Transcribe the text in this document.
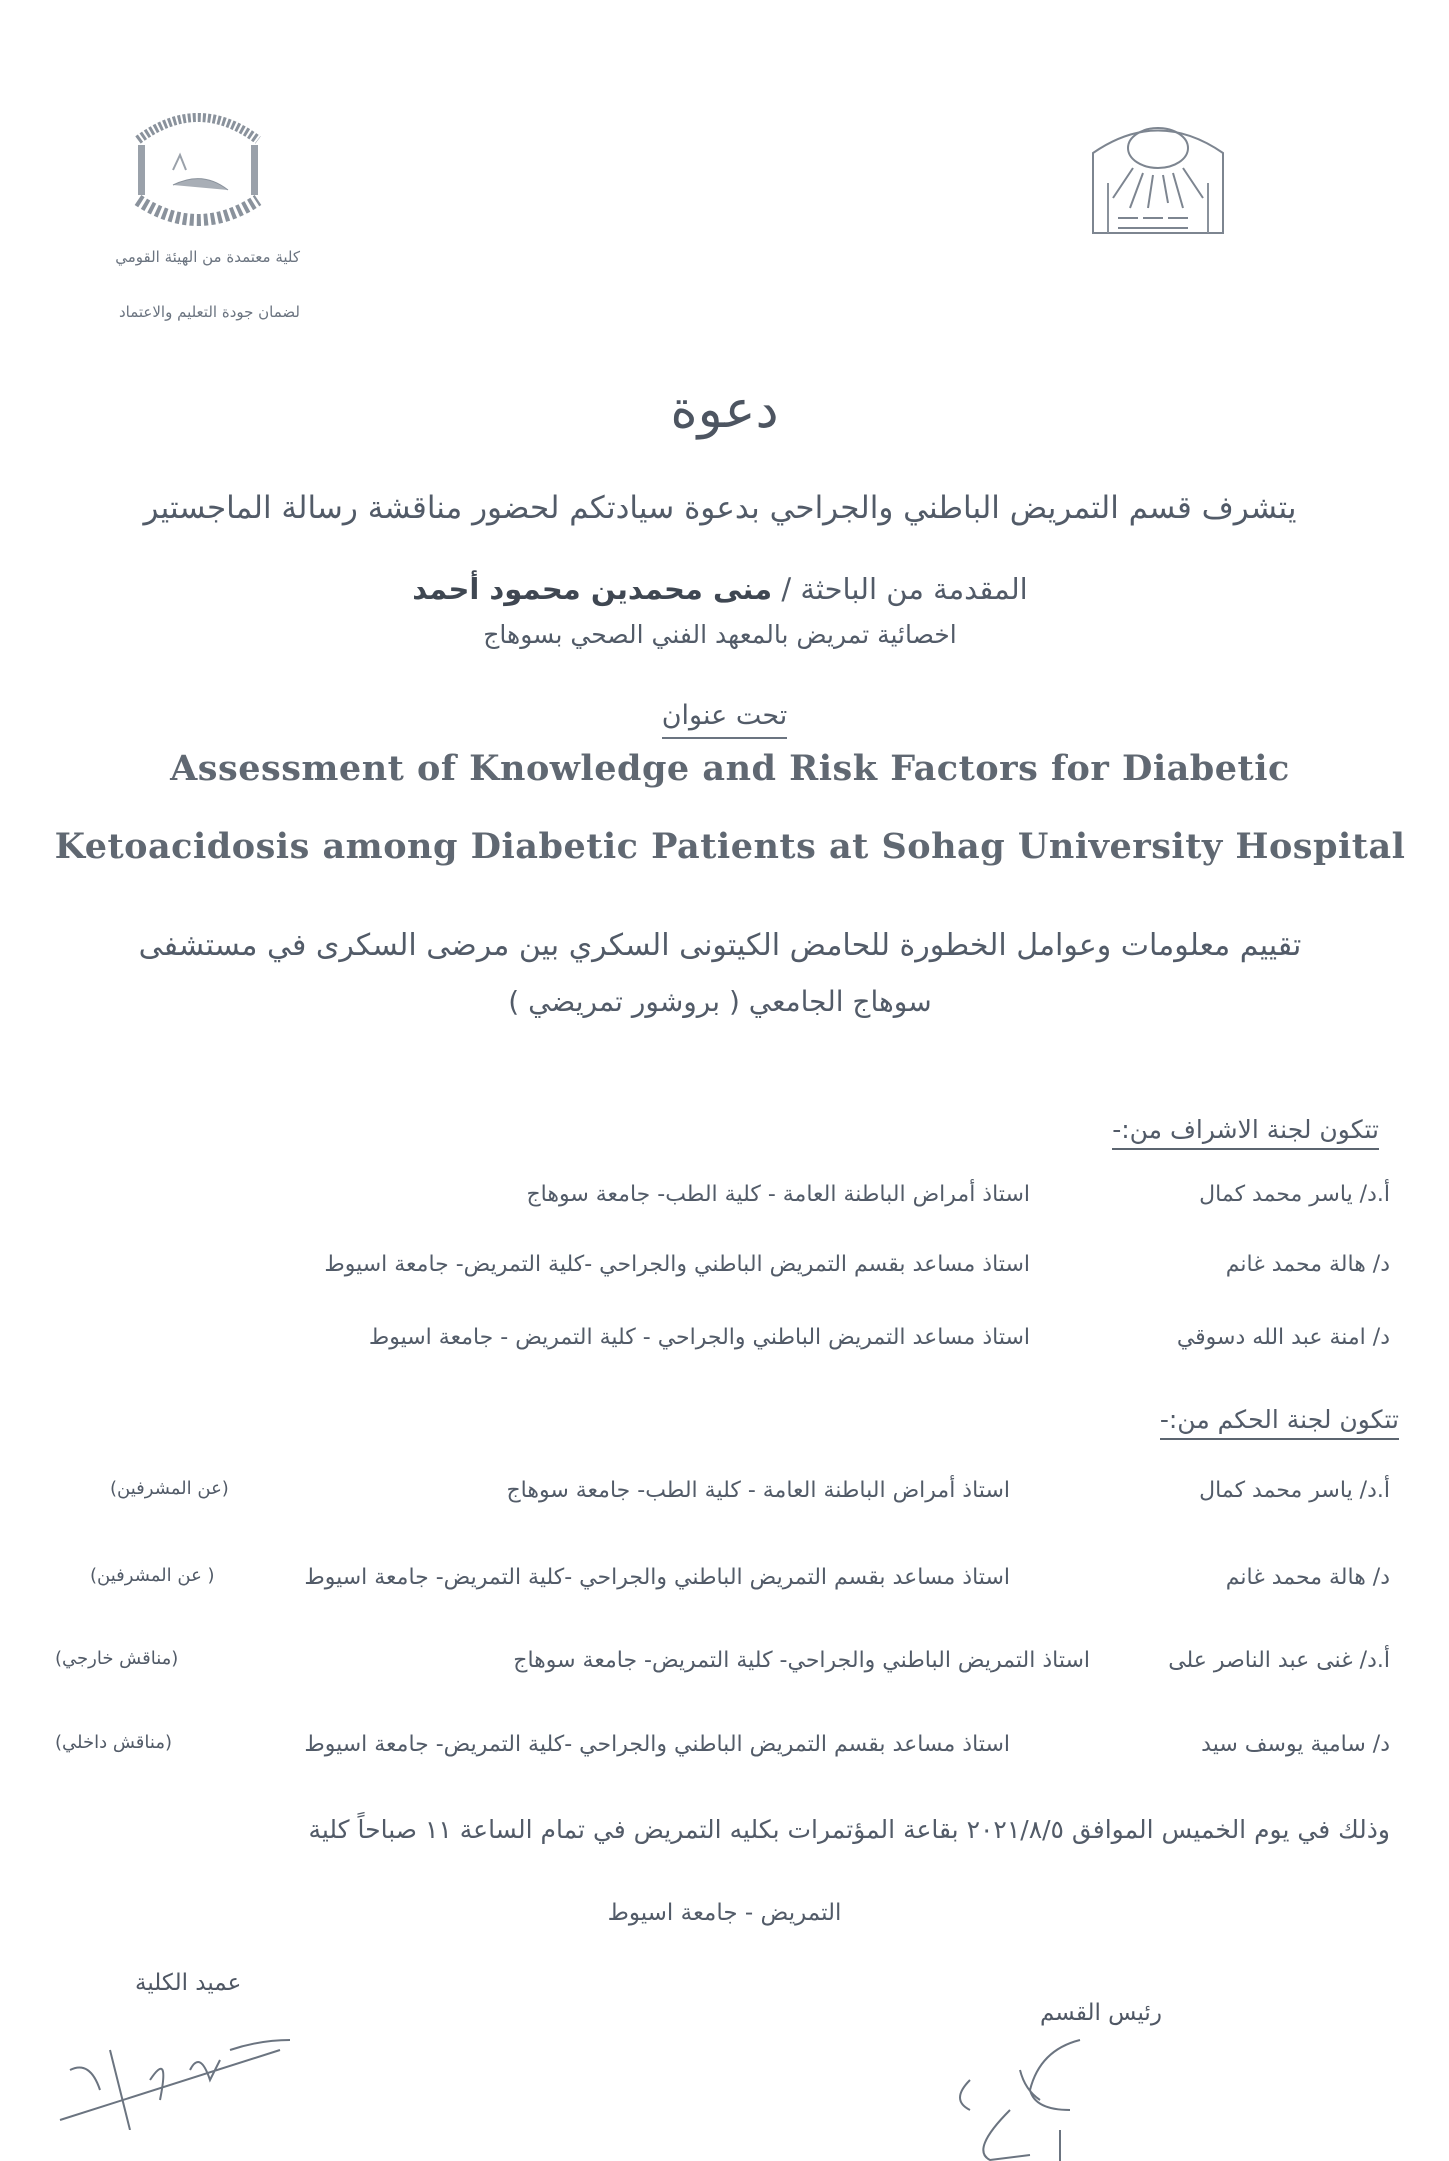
كلية معتمدة من الهيئة القومي
لضمان جودة التعليم والاعتماد
دعوة
يتشرف قسم التمريض الباطني والجراحي بدعوة سيادتكم لحضور مناقشة رسالة الماجستير
المقدمة من الباحثة / منى محمدين محمود أحمد
اخصائية تمريض بالمعهد الفني الصحي بسوهاج
تحت عنوان
Assessment of Knowledge and Risk Factors for Diabetic
Ketoacidosis among Diabetic Patients at Sohag University Hospital
تقييم معلومات وعوامل الخطورة للحامض الكيتونى السكري بين مرضى السكرى في مستشفى
سوهاج الجامعي ( بروشور تمريضي )
تتكون لجنة الاشراف من:-
أ.د/ ياسر محمد كمال
استاذ أمراض الباطنة العامة - كلية الطب- جامعة سوهاج
د/ هالة محمد غانم
استاذ مساعد بقسم التمريض الباطني والجراحي -كلية التمريض- جامعة اسيوط
د/ امنة عبد الله دسوقي
استاذ مساعد التمريض الباطني والجراحي - كلية التمريض - جامعة اسيوط
تتكون لجنة الحكم من:-
أ.د/ ياسر محمد كمال
استاذ أمراض الباطنة العامة - كلية الطب- جامعة سوهاج
(عن المشرفين)
د/ هالة محمد غانم
استاذ مساعد بقسم التمريض الباطني والجراحي -كلية التمريض- جامعة اسيوط
( عن المشرفين)
أ.د/ غنى عبد الناصر على
استاذ التمريض الباطني والجراحي- كلية التمريض- جامعة سوهاج
(مناقش خارجي)
د/ سامية يوسف سيد
استاذ مساعد بقسم التمريض الباطني والجراحي -كلية التمريض- جامعة اسيوط
(مناقش داخلي)
وذلك في يوم الخميس الموافق ٢٠٢١/٨/٥ بقاعة المؤتمرات بكليه التمريض في تمام الساعة ١١ صباحاً كلية
التمريض - جامعة اسيوط
عميد الكلية
رئيس القسم
